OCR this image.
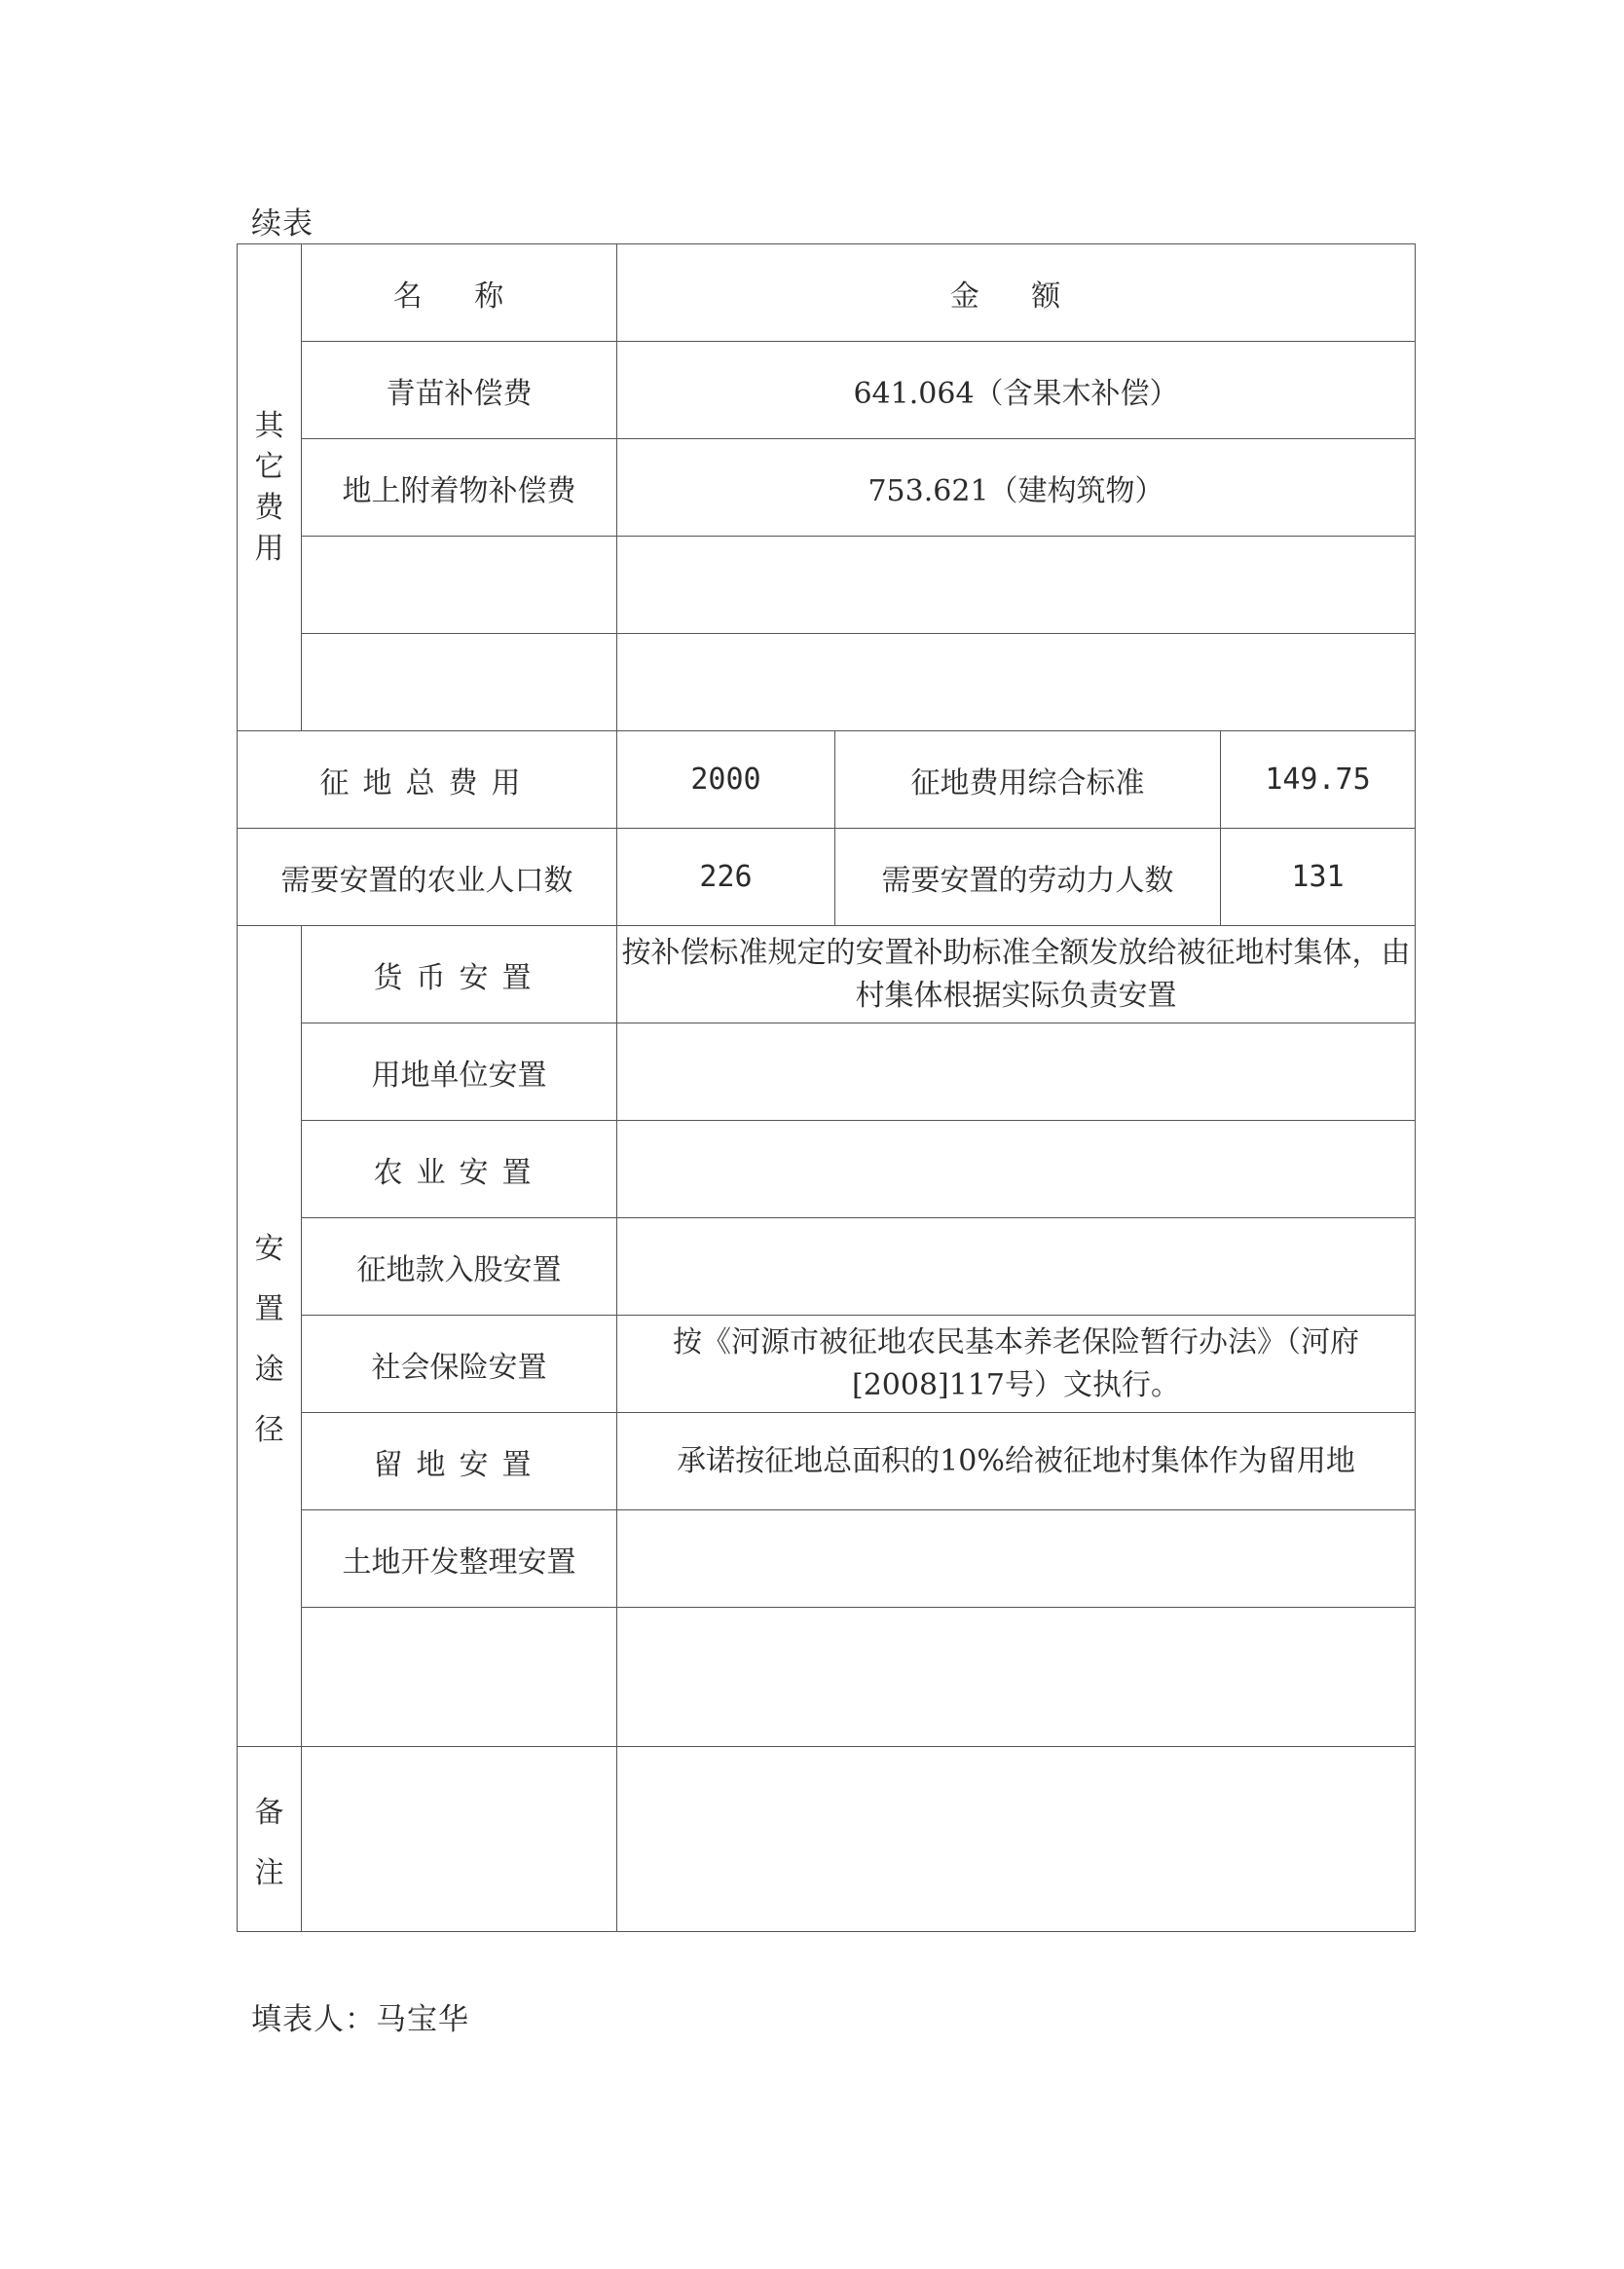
续表
其
它
费
用	名 称	金 额		
	青苗补偿费	641.064（含果木补偿）		
	地上附着物补偿费	753.621（建构筑物）		

征地总费用		2000	征地费用综合标准	149.75
需要安置的农业人口数		226	需要安置的劳动力人数	131

安
置
途
径	货币安置	按补偿标准规定的安置补助标准全额发放给被征地村集体，由村集体根据实际负责安置		
	用地单位安置			
	农业安置			
	征地款入股安置			
	社会保险安置	按《河源市被征地农民基本养老保险暂行办法》（河府[2008]117号）文执行。		
	留地安置	承诺按征地总面积的10%给被征地村集体作为留用地		
	土地开发整理安置			

备
注				

填表人：马宝华
